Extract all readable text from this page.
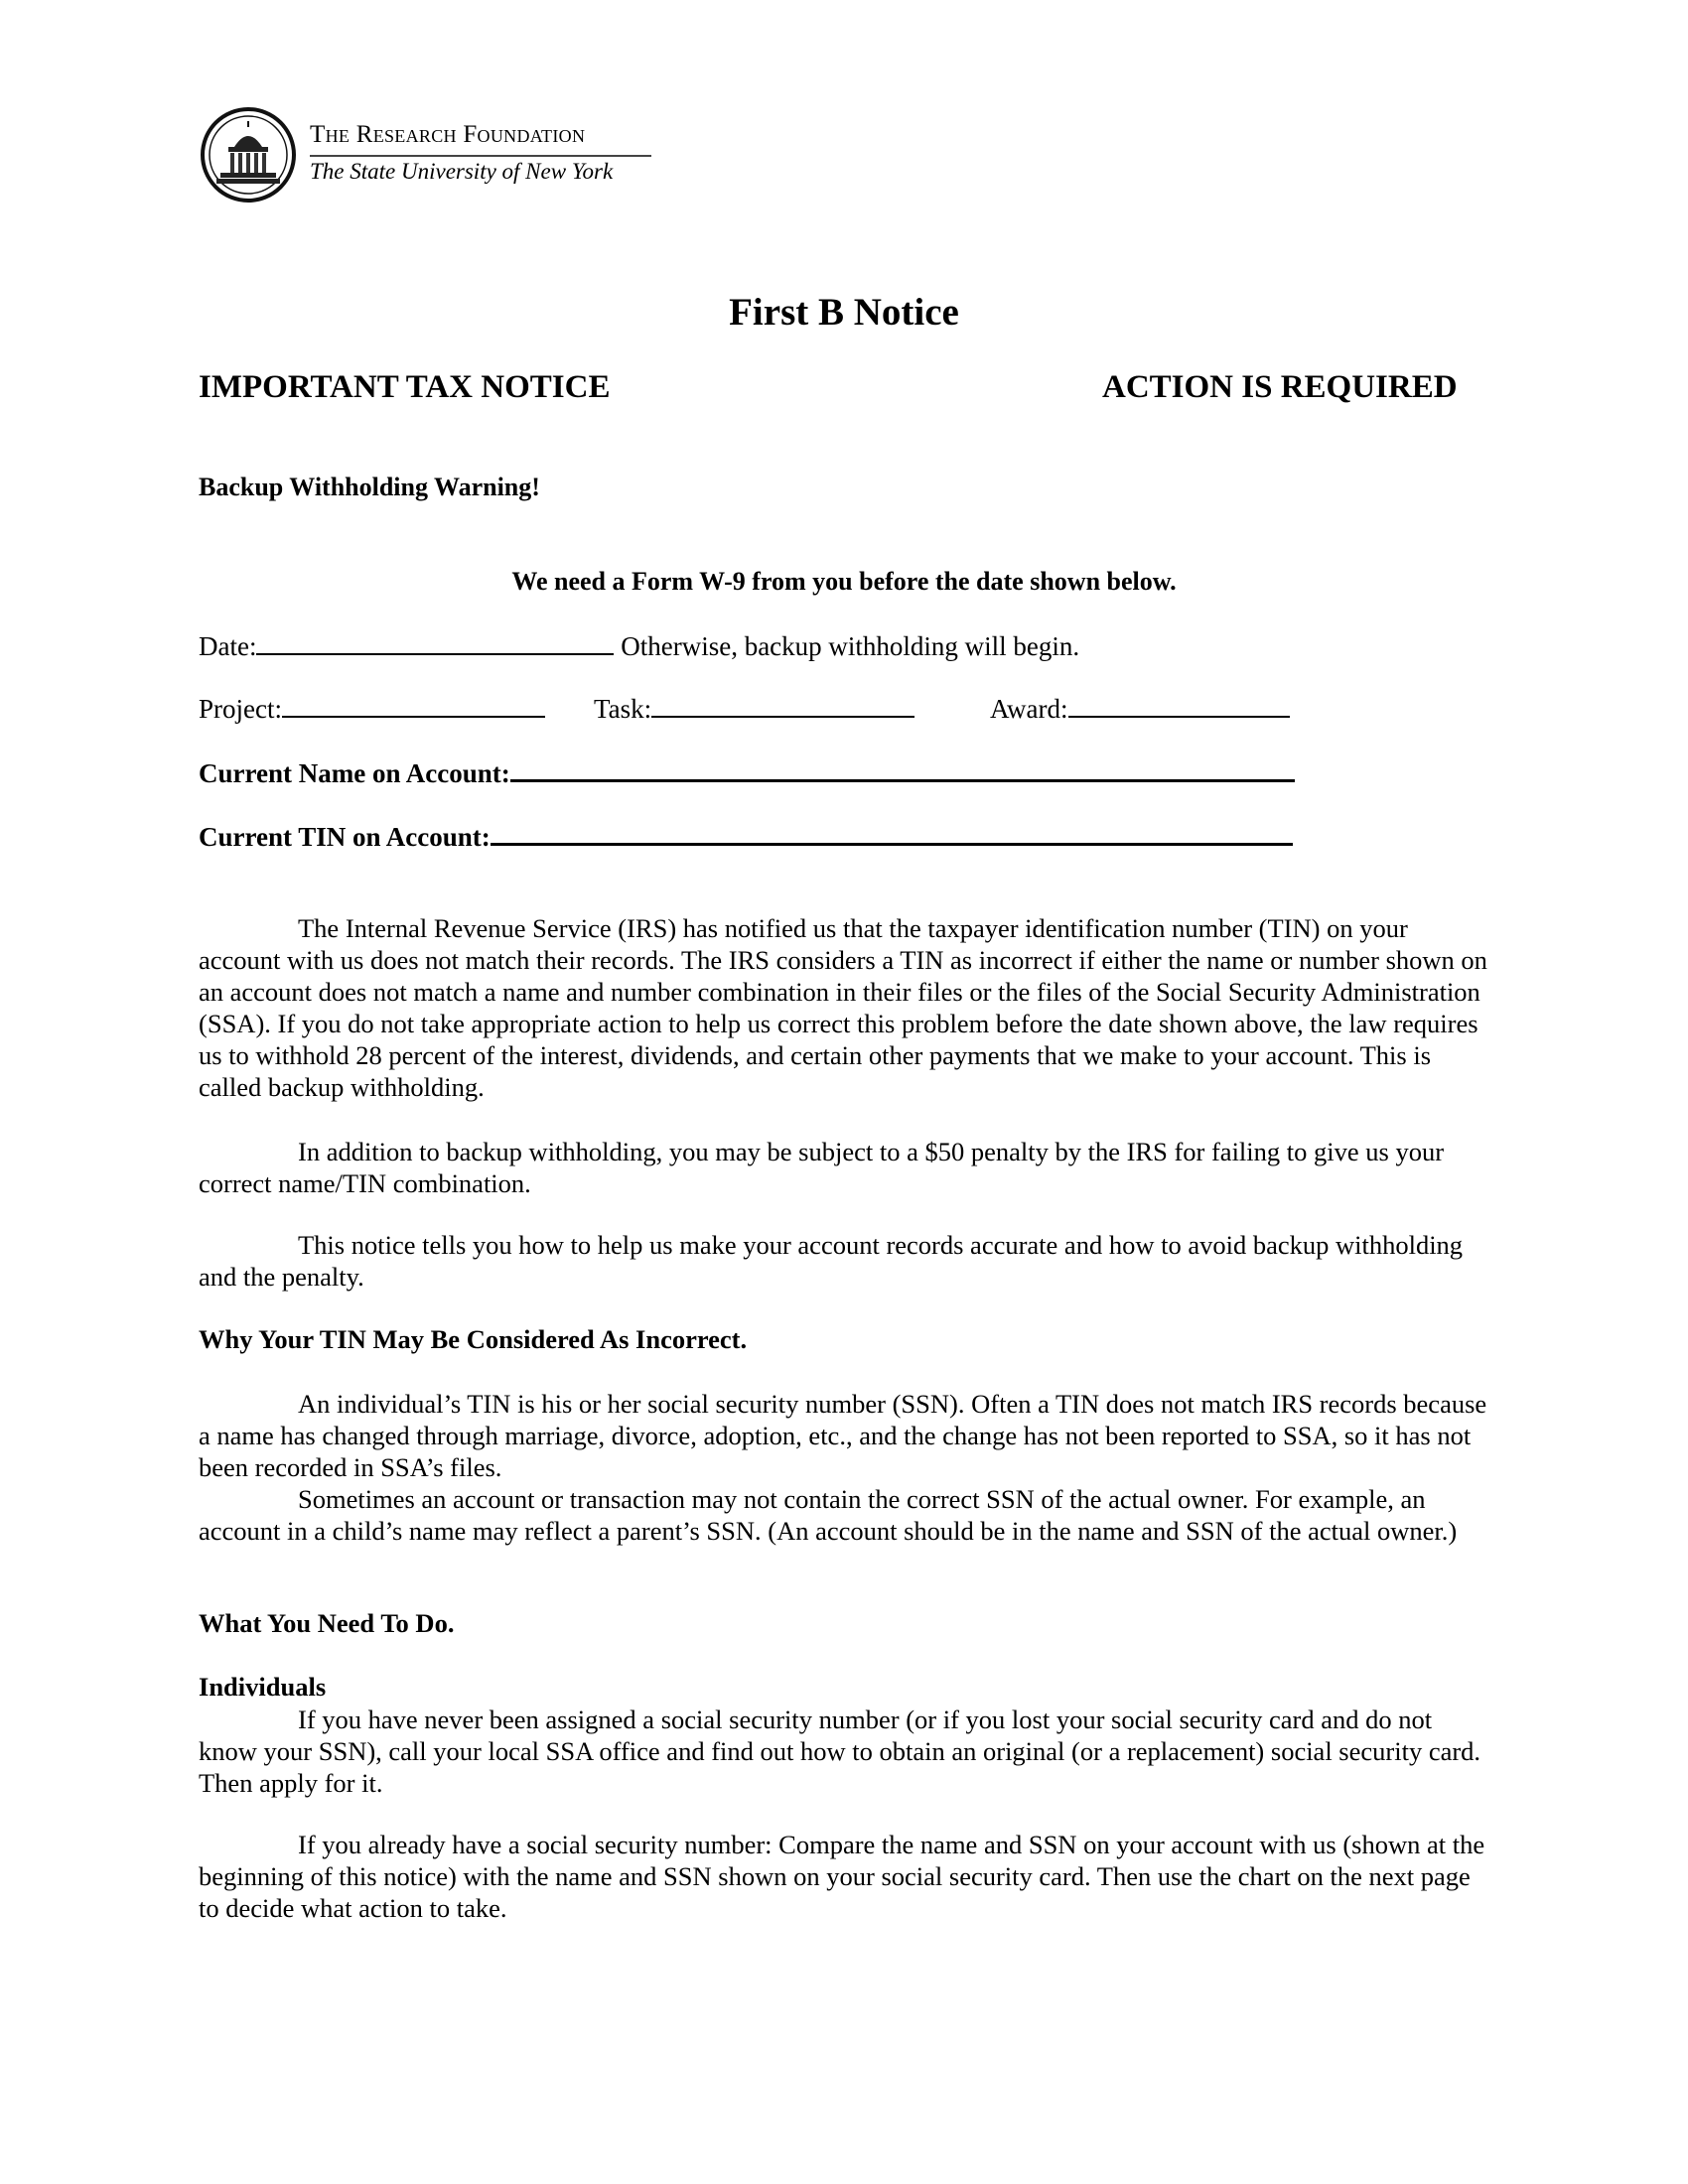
The Research Foundation
The State University of New York
First B Notice
IMPORTANT TAX NOTICE	ACTION IS REQUIRED
Backup Withholding Warning!
We need a Form W-9 from you before the date shown below.
Date:	Otherwise, backup withholding will begin.
Project:	Task:	Award:
Current Name on Account:
Current TIN on Account:
The Internal Revenue Service (IRS) has notified us that the taxpayer identification number (TIN) on your account with us does not match their records. The IRS considers a TIN as incorrect if either the name or number shown on an account does not match a name and number combination in their files or the files of the Social Security Administration (SSA). If you do not take appropriate action to help us correct this problem before the date shown above, the law requires us to withhold 28 percent of the interest, dividends, and certain other payments that we make to your account. This is called backup withholding.
In addition to backup withholding, you may be subject to a $50 penalty by the IRS for failing to give us your correct name/TIN combination.
This notice tells you how to help us make your account records accurate and how to avoid backup withholding and the penalty.
Why Your TIN May Be Considered As Incorrect.
An individual’s TIN is his or her social security number (SSN). Often a TIN does not match IRS records because a name has changed through marriage, divorce, adoption, etc., and the change has not been reported to SSA, so it has not been recorded in SSA’s files.
Sometimes an account or transaction may not contain the correct SSN of the actual owner. For example, an account in a child’s name may reflect a parent’s SSN. (An account should be in the name and SSN of the actual owner.)
What You Need To Do.
Individuals
If you have never been assigned a social security number (or if you lost your social security card and do not know your SSN), call your local SSA office and find out how to obtain an original (or a replacement) social security card. Then apply for it.
If you already have a social security number: Compare the name and SSN on your account with us (shown at the beginning of this notice) with the name and SSN shown on your social security card. Then use the chart on the next page to decide what action to take.
